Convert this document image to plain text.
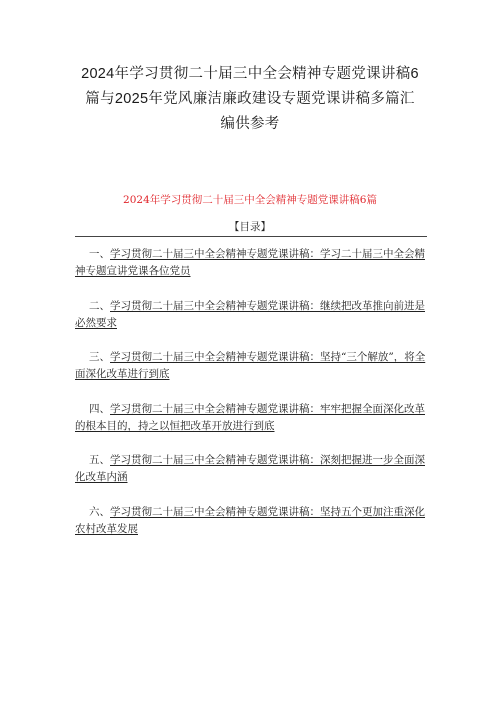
2024年学习贯彻二十届三中全会精神专题党课讲稿6
篇与2025年党风廉洁廉政建设专题党课讲稿多篇汇
编供参考
2024年学习贯彻二十届三中全会精神专题党课讲稿6篇
【目录】
一、学习贯彻二十届三中全会精神专题党课讲稿：学习二十届三中全会精神专题宣讲党课各位党员
二、学习贯彻二十届三中全会精神专题党课讲稿：继续把改革推向前进是必然要求
三、学习贯彻二十届三中全会精神专题党课讲稿：坚持“三个解放”，将全面深化改革进行到底
四、学习贯彻二十届三中全会精神专题党课讲稿：牢牢把握全面深化改革的根本目的，持之以恒把改革开放进行到底
五、学习贯彻二十届三中全会精神专题党课讲稿：深刻把握进一步全面深化改革内涵
六、学习贯彻二十届三中全会精神专题党课讲稿：坚持五个更加注重深化农村改革发展
